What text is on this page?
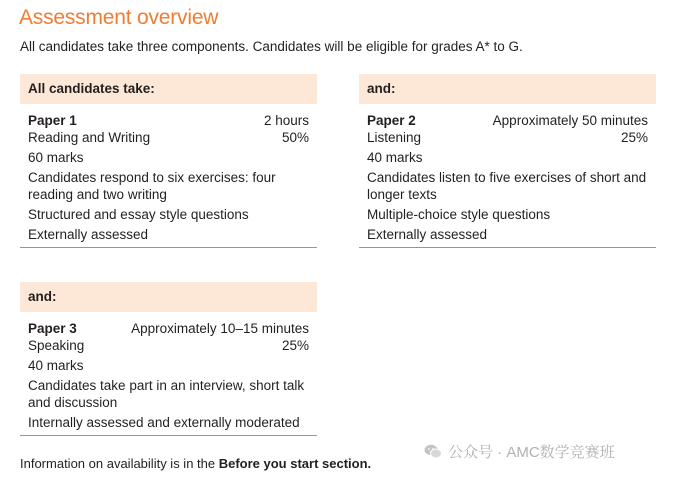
Assessment overview

All candidates take three components. Candidates will be eligible for grades A* to G.

All candidates take:
Paper 1	2 hours
Reading and Writing	50%
60 marks
Candidates respond to six exercises: four reading and two writing
Structured and essay style questions
Externally assessed
and:
Paper 2	Approximately 50 minutes
Listening	25%
40 marks
Candidates listen to five exercises of short and longer texts
Multiple-choice style questions
Externally assessed
and:
Paper 3	Approximately 10–15 minutes
Speaking	25%
40 marks
Candidates take part in an interview, short talk and discussion
Internally assessed and externally moderated

Information on availability is in the Before you start section.

公众号 · AMC数学竞赛班
